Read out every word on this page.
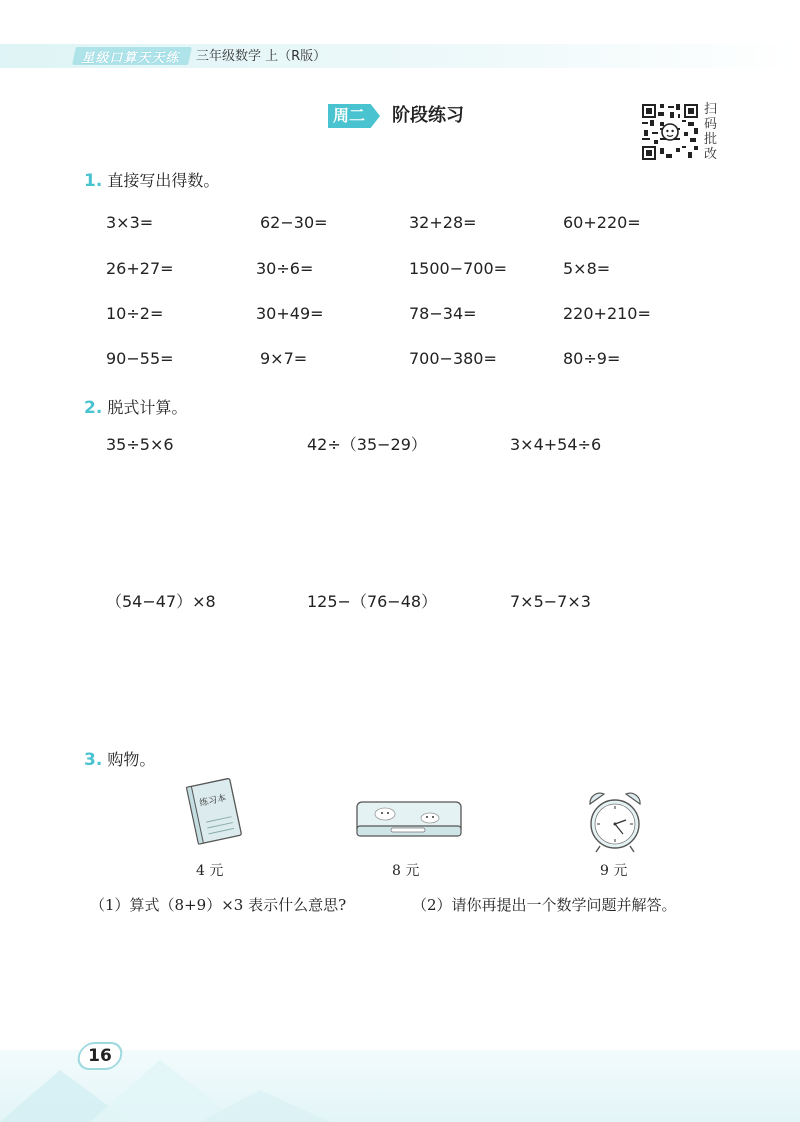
星级口算天天练	三年级数学 上（R版）
周二 阶段练习	扫
码
批
改
1. 直接写出得数。
3×3=	62−30=	32+28=	60+220=
26+27=	30÷6=	1500−700=	5×8=
10÷2=	30+49=	78−34=	220+210=
90−55=	9×7=	700−380=	80÷9=
2. 脱式计算。
35÷5×6	42÷（35−29）	3×4+54÷6
（54−47）×8	125−（76−48）	7×5−7×3
3. 购物。
练习本
4 元	8 元	9 元
（1）算式（8+9）×3 表示什么意思?	（2）请你再提出一个数学问题并解答。
16
